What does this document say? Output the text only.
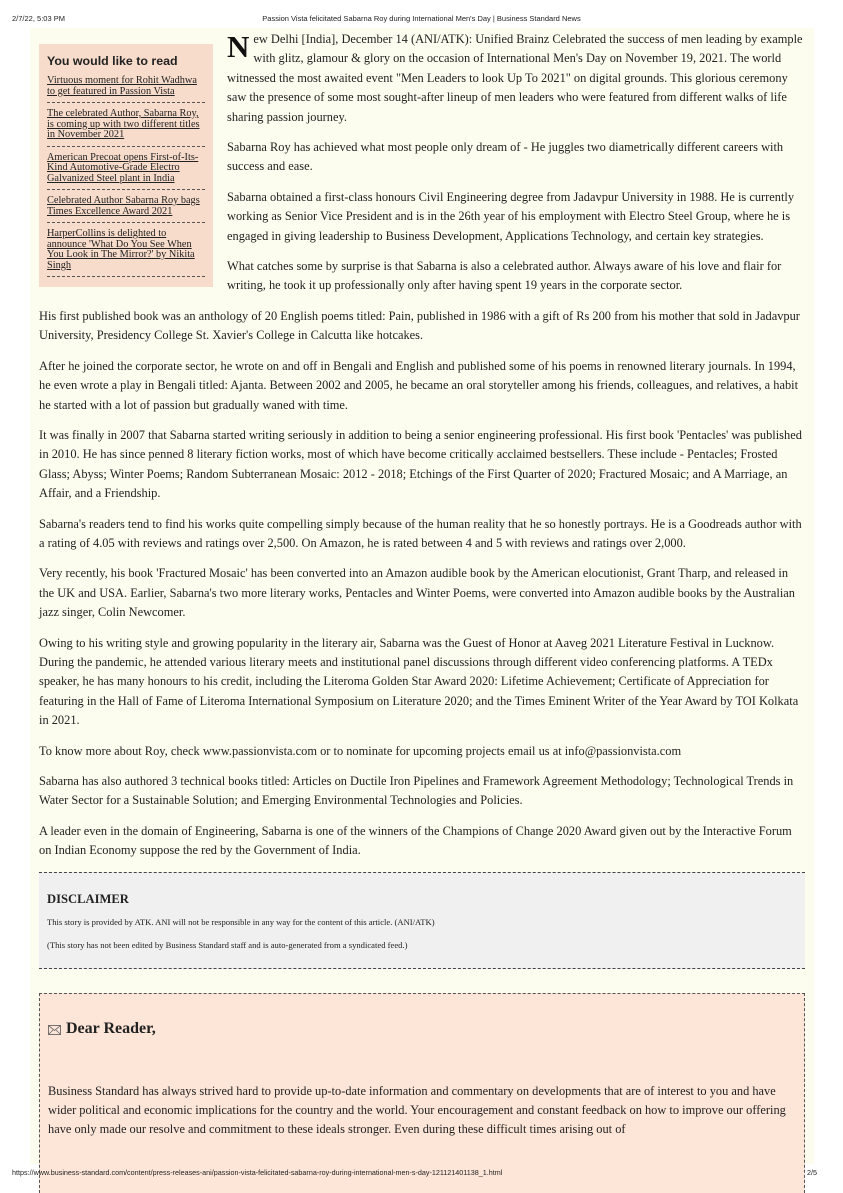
2/7/22, 5:03 PM	Passion Vista felicitated Sabarna Roy during International Men's Day | Business Standard News
You would like to read
Virtuous moment for Rohit Wadhwa to get featured in Passion Vista
The celebrated Author, Sabarna Roy, is coming up with two different titles in November 2021
American Precoat opens First-of-Its-Kind Automotive-Grade Electro Galvanized Steel plant in India
Celebrated Author Sabarna Roy bags Times Excellence Award 2021
HarperCollins is delighted to announce 'What Do You See When You Look in The Mirror?' by Nikita Singh

New Delhi [India], December 14 (ANI/ATK): Unified Brainz Celebrated the success of men leading by example with glitz, glamour & glory on the occasion of International Men's Day on November 19, 2021. The world witnessed the most awaited event "Men Leaders to look Up To 2021" on digital grounds. This glorious ceremony saw the presence of some most sought-after lineup of men leaders who were featured from different walks of life sharing passion journey.

Sabarna Roy has achieved what most people only dream of - He juggles two diametrically different careers with success and ease.

Sabarna obtained a first-class honours Civil Engineering degree from Jadavpur University in 1988. He is currently working as Senior Vice President and is in the 26th year of his employment with Electro Steel Group, where he is engaged in giving leadership to Business Development, Applications Technology, and certain key strategies.

What catches some by surprise is that Sabarna is also a celebrated author. Always aware of his love and flair for writing, he took it up professionally only after having spent 19 years in the corporate sector.

His first published book was an anthology of 20 English poems titled: Pain, published in 1986 with a gift of Rs 200 from his mother that sold in Jadavpur University, Presidency College St. Xavier's College in Calcutta like hotcakes.

After he joined the corporate sector, he wrote on and off in Bengali and English and published some of his poems in renowned literary journals. In 1994, he even wrote a play in Bengali titled: Ajanta. Between 2002 and 2005, he became an oral storyteller among his friends, colleagues, and relatives, a habit he started with a lot of passion but gradually waned with time.

It was finally in 2007 that Sabarna started writing seriously in addition to being a senior engineering professional. His first book 'Pentacles' was published in 2010. He has since penned 8 literary fiction works, most of which have become critically acclaimed bestsellers. These include - Pentacles; Frosted Glass; Abyss; Winter Poems; Random Subterranean Mosaic: 2012 - 2018; Etchings of the First Quarter of 2020; Fractured Mosaic; and A Marriage, an Affair, and a Friendship.

Sabarna's readers tend to find his works quite compelling simply because of the human reality that he so honestly portrays. He is a Goodreads author with a rating of 4.05 with reviews and ratings over 2,500. On Amazon, he is rated between 4 and 5 with reviews and ratings over 2,000.

Very recently, his book 'Fractured Mosaic' has been converted into an Amazon audible book by the American elocutionist, Grant Tharp, and released in the UK and USA. Earlier, Sabarna's two more literary works, Pentacles and Winter Poems, were converted into Amazon audible books by the Australian jazz singer, Colin Newcomer.

Owing to his writing style and growing popularity in the literary air, Sabarna was the Guest of Honor at Aaveg 2021 Literature Festival in Lucknow. During the pandemic, he attended various literary meets and institutional panel discussions through different video conferencing platforms. A TEDx speaker, he has many honours to his credit, including the Literoma Golden Star Award 2020: Lifetime Achievement; Certificate of Appreciation for featuring in the Hall of Fame of Literoma International Symposium on Literature 2020; and the Times Eminent Writer of the Year Award by TOI Kolkata in 2021.

To know more about Roy, check www.passionvista.com or to nominate for upcoming projects email us at info@passionvista.com

Sabarna has also authored 3 technical books titled: Articles on Ductile Iron Pipelines and Framework Agreement Methodology; Technological Trends in Water Sector for a Sustainable Solution; and Emerging Environmental Technologies and Policies.

A leader even in the domain of Engineering, Sabarna is one of the winners of the Champions of Change 2020 Award given out by the Interactive Forum on Indian Economy suppose the red by the Government of India.

DISCLAIMER

This story is provided by ATK. ANI will not be responsible in any way for the content of this article. (ANI/ATK)

(This story has not been edited by Business Standard staff and is auto-generated from a syndicated feed.)

Dear Reader,

Business Standard has always strived hard to provide up-to-date information and commentary on developments that are of interest to you and have wider political and economic implications for the country and the world. Your encouragement and constant feedback on how to improve our offering have only made our resolve and commitment to these ideals stronger. Even during these difficult times arising out of

https://www.business-standard.com/content/press-releases-ani/passion-vista-felicitated-sabarna-roy-during-international-men-s-day-121121401138_1.html	2/5
